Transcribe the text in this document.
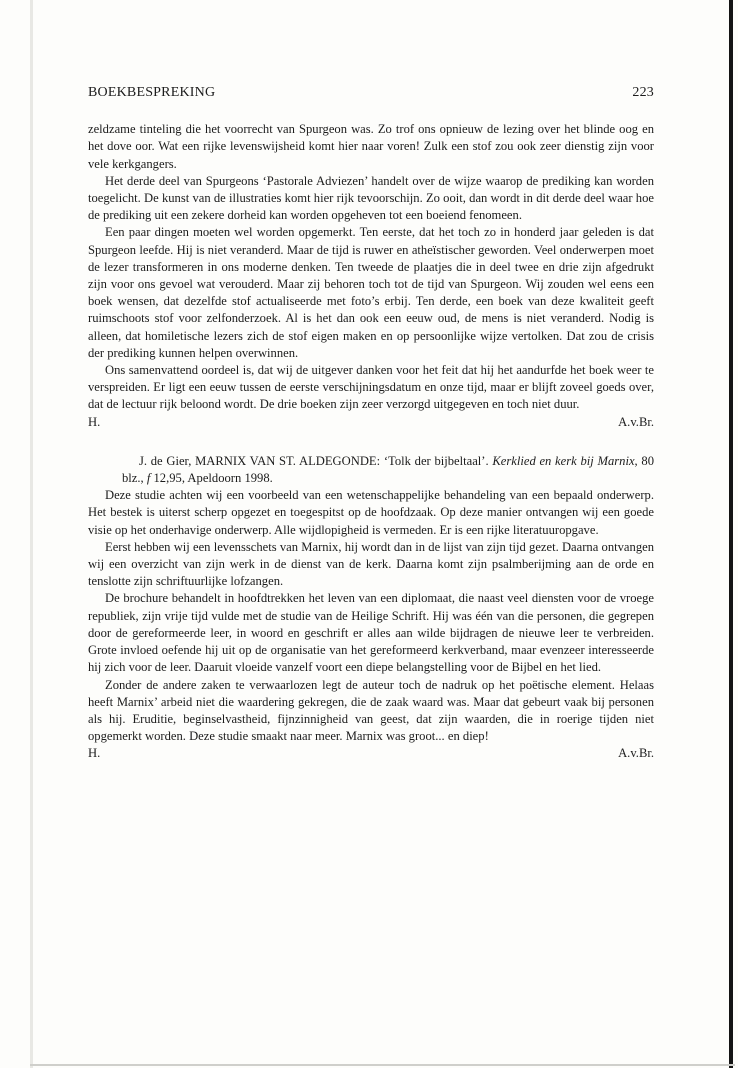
BOEKBESPREKING	223

zeldzame tinteling die het voorrecht van Spurgeon was. Zo trof ons opnieuw de lezing over het blinde oog en het dove oor. Wat een rijke levenswijsheid komt hier naar voren! Zulk een stof zou ook zeer dienstig zijn voor vele kerkgangers.

Het derde deel van Spurgeons ‘Pastorale Adviezen’ handelt over de wijze waarop de prediking kan worden toegelicht. De kunst van de illustraties komt hier rijk tevoorschijn. Zo ooit, dan wordt in dit derde deel waar hoe de prediking uit een zekere dorheid kan worden opgeheven tot een boeiend fenomeen.

Een paar dingen moeten wel worden opgemerkt. Ten eerste, dat het toch zo in honderd jaar geleden is dat Spurgeon leefde. Hij is niet veranderd. Maar de tijd is ruwer en atheïstischer geworden. Veel onderwerpen moet de lezer transformeren in ons moderne denken. Ten tweede de plaatjes die in deel twee en drie zijn afgedrukt zijn voor ons gevoel wat verouderd. Maar zij behoren toch tot de tijd van Spurgeon. Wij zouden wel eens een boek wensen, dat dezelfde stof actualiseerde met foto’s erbij. Ten derde, een boek van deze kwaliteit geeft ruimschoots stof voor zelfonderzoek. Al is het dan ook een eeuw oud, de mens is niet veranderd. Nodig is alleen, dat homiletische lezers zich de stof eigen maken en op persoonlijke wijze vertolken. Dat zou de crisis der prediking kunnen helpen overwinnen.

Ons samenvattend oordeel is, dat wij de uitgever danken voor het feit dat hij het aandurfde het boek weer te verspreiden. Er ligt een eeuw tussen de eerste verschijningsdatum en onze tijd, maar er blijft zoveel goeds over, dat de lectuur rijk beloond wordt. De drie boeken zijn zeer verzorgd uitgegeven en toch niet duur.

H.	A.v.Br.

J. de Gier, MARNIX VAN ST. ALDEGONDE: ‘Tolk der bijbeltaal’. Kerklied en kerk bij Marnix, 80 blz., f 12,95, Apeldoorn 1998.

Deze studie achten wij een voorbeeld van een wetenschappelijke behandeling van een bepaald onderwerp. Het bestek is uiterst scherp opgezet en toegespitst op de hoofdzaak. Op deze manier ontvangen wij een goede visie op het onderhavige onderwerp. Alle wijdlopigheid is vermeden. Er is een rijke literatuuropgave.

Eerst hebben wij een levensschets van Marnix, hij wordt dan in de lijst van zijn tijd gezet. Daarna ontvangen wij een overzicht van zijn werk in de dienst van de kerk. Daarna komt zijn psalmberijming aan de orde en tenslotte zijn schriftuurlijke lofzangen.

De brochure behandelt in hoofdtrekken het leven van een diplomaat, die naast veel diensten voor de vroege republiek, zijn vrije tijd vulde met de studie van de Heilige Schrift. Hij was één van die personen, die gegrepen door de gereformeerde leer, in woord en geschrift er alles aan wilde bijdragen de nieuwe leer te verbreiden. Grote invloed oefende hij uit op de organisatie van het gereformeerd kerkverband, maar evenzeer interesseerde hij zich voor de leer. Daaruit vloeide vanzelf voort een diepe belangstelling voor de Bijbel en het lied.

Zonder de andere zaken te verwaarlozen legt de auteur toch de nadruk op het poëtische element. Helaas heeft Marnix’ arbeid niet die waardering gekregen, die de zaak waard was. Maar dat gebeurt vaak bij personen als hij. Eruditie, beginselvastheid, fijnzinnigheid van geest, dat zijn waarden, die in roerige tijden niet opgemerkt worden. Deze studie smaakt naar meer. Marnix was groot... en diep!

H.	A.v.Br.
